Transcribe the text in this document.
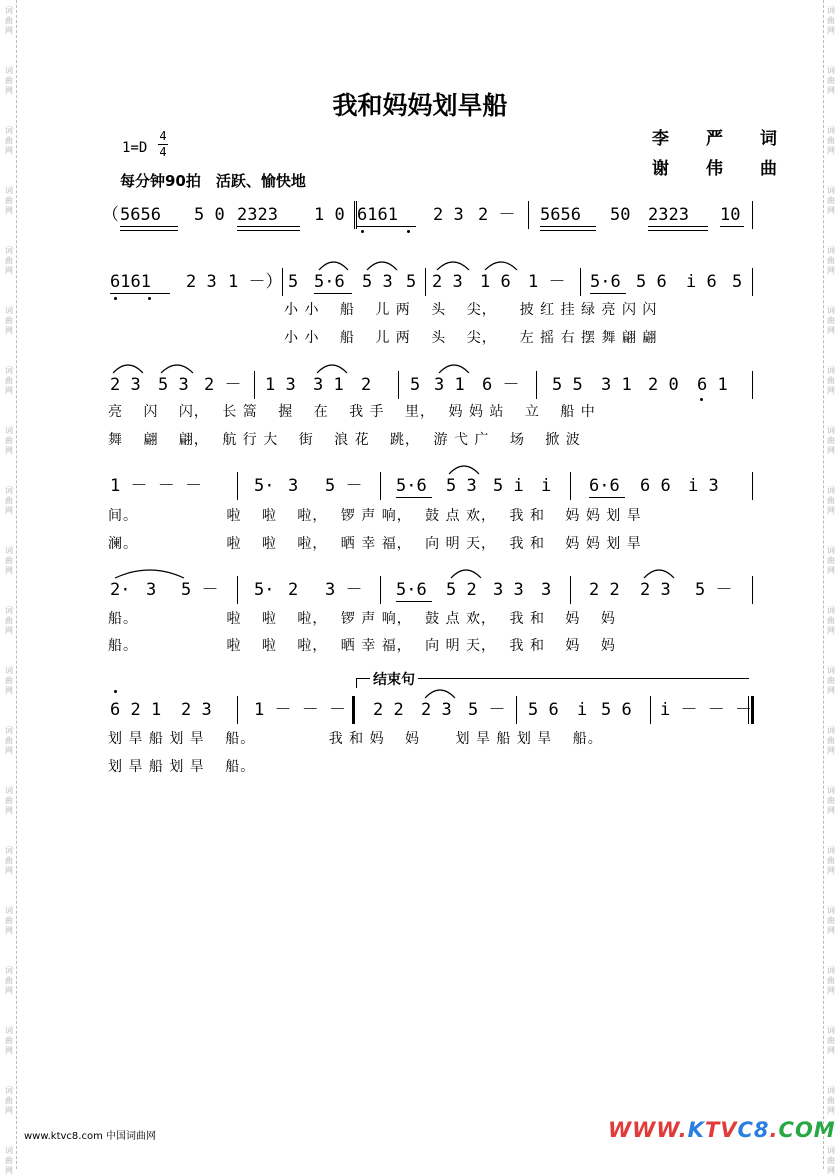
词曲网
词曲网
词曲网
词曲网
词曲网
词曲网
词曲网
词曲网
词曲网
词曲网
词曲网
词曲网
词曲网
词曲网
词曲网
词曲网
词曲网
词曲网
词曲网
词曲网
词曲网
词曲网
词曲网
词曲网
词曲网
词曲网
词曲网
词曲网
词曲网
词曲网
词曲网
词曲网
词曲网
词曲网
词曲网
词曲网
词曲网
词曲网
词曲网
词曲网
我和妈妈划旱船
1=D
4
4
每分钟90拍　活跃、愉快地
李　严　词
谢　伟　曲
（ 5656 5 0 2323 1 0 6161 2 3 2 － 5656 50 2323 10
6161 2 3 1 －） 5 5·6 5 3 5 2 3 1 6 1 － 5·6 5 6 i 6 5
小 小　 船　 儿 两　 头　 尖，　　披 红 挂 绿 亮 闪 闪
小 小　 船　 儿 两　 头　 尖，　　左 摇 右 摆 舞 翩 翩
2 3 5 3 2 － 1 3 3 1 2 5 3 1 6 － 5 5 3 1 2 0 6 1
亮　 闪　 闪，　 长 篙　 握　 在　 我 手　 里，　 妈 妈 站　 立　 船 中
舞　 翩　 翩，　 航 行 大　 街　 浪 花　 跳，　 游 弋 广　 场　 掀 波
1 － － －	5· 3 5 － 5·6 5 3 5 i i 6·6 6 6 i 3
间。　　　　　　 啦　 啦　 啦，　 锣 声 响，　 鼓 点 欢，　 我 和　 妈 妈 划 旱
澜。　　　　　　 啦　 啦　 啦，　 晒 幸 福，　 向 明 天，　 我 和　 妈 妈 划 旱
2· 3 5 － 5· 2 3 － 5·6 5 2 3 3 3 2 2 2 3 5 －
船。　　　　　　 啦　 啦　 啦，　 锣 声 响，　 鼓 点 欢，　 我 和　 妈　 妈
船。　　　　　　 啦　 啦　 啦，　 晒 幸 福，　 向 明 天，　 我 和　 妈　 妈
6 2 1 2 3 1 － － － 2 2 2 3 5 － 5 6 i 5 6 i － － －
划 旱 船 划 旱　 船。　　　　　 我 和 妈　 妈　　 划 旱 船 划 旱　 船。
划 旱 船 划 旱　 船。
结束句
www.ktvc8.com 中国词曲网	WWW.KTVC8.COM
